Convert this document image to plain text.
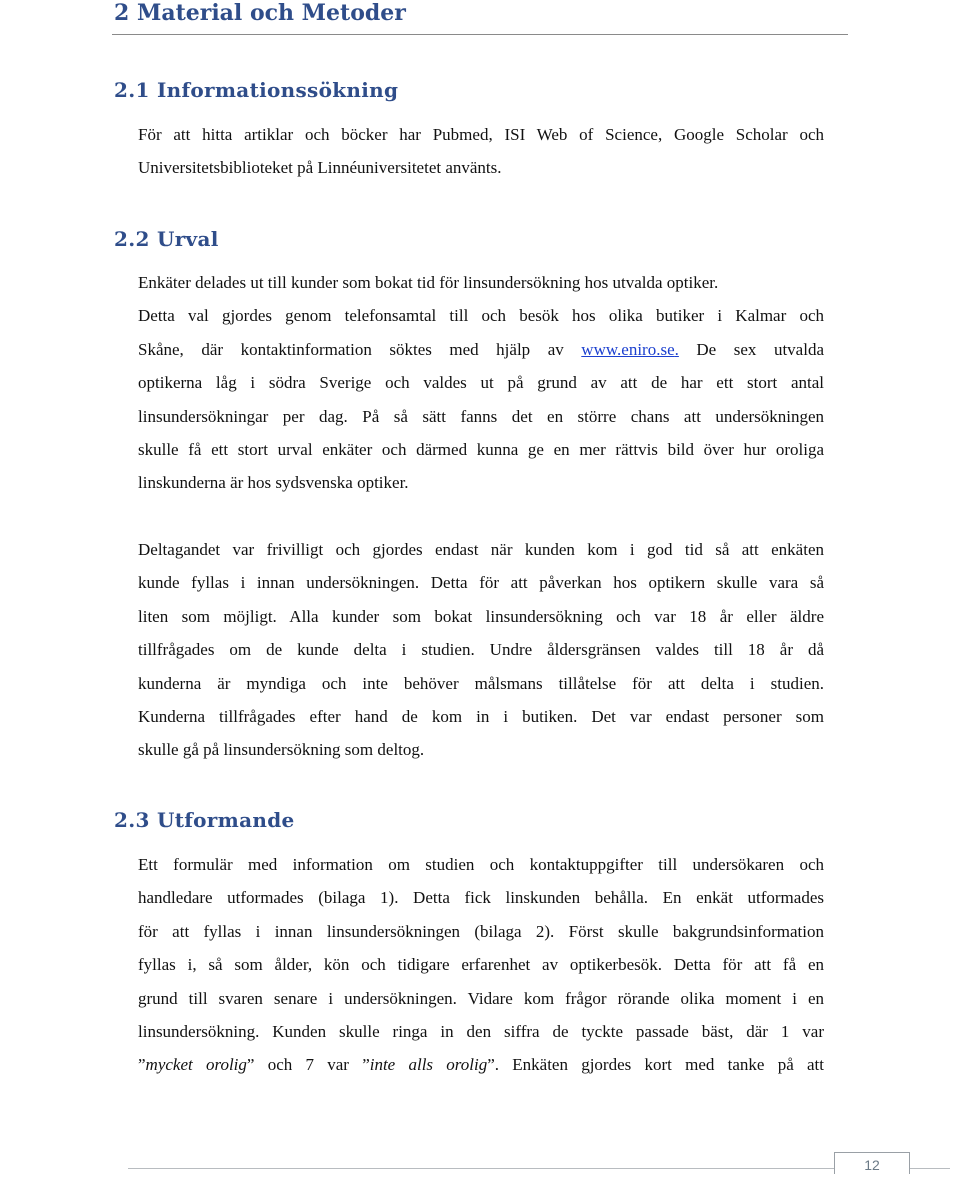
2 Material och Metoder
2.1 Informationssökning
För att hitta artiklar och böcker har Pubmed, ISI Web of Science, Google Scholar och
Universitetsbiblioteket på Linnéuniversitetet använts.
2.2 Urval
Enkäter delades ut till kunder som bokat tid för linsundersökning hos utvalda optiker.
Detta val gjordes genom telefonsamtal till och besök hos olika butiker i Kalmar och
Skåne, där kontaktinformation söktes med hjälp av www.eniro.se. De sex utvalda
optikerna låg i södra Sverige och valdes ut på grund av att de har ett stort antal
linsundersökningar per dag. På så sätt fanns det en större chans att undersökningen
skulle få ett stort urval enkäter och därmed kunna ge en mer rättvis bild över hur oroliga
linskunderna är hos sydsvenska optiker.
Deltagandet var frivilligt och gjordes endast när kunden kom i god tid så att enkäten
kunde fyllas i innan undersökningen. Detta för att påverkan hos optikern skulle vara så
liten som möjligt. Alla kunder som bokat linsundersökning och var 18 år eller äldre
tillfrågades om de kunde delta i studien. Undre åldersgränsen valdes till 18 år då
kunderna är myndiga och inte behöver målsmans tillåtelse för att delta i studien.
Kunderna tillfrågades efter hand de kom in i butiken. Det var endast personer som
skulle gå på linsundersökning som deltog.
2.3 Utformande
Ett formulär med information om studien och kontaktuppgifter till undersökaren och
handledare utformades (bilaga 1). Detta fick linskunden behålla. En enkät utformades
för att fyllas i innan linsundersökningen (bilaga 2). Först skulle bakgrundsinformation
fyllas i, så som ålder, kön och tidigare erfarenhet av optikerbesök. Detta för att få en
grund till svaren senare i undersökningen. Vidare kom frågor rörande olika moment i en
linsundersökning. Kunden skulle ringa in den siffra de tyckte passade bäst, där 1 var
”mycket orolig” och 7 var ”inte alls orolig”. Enkäten gjordes kort med tanke på att
12
